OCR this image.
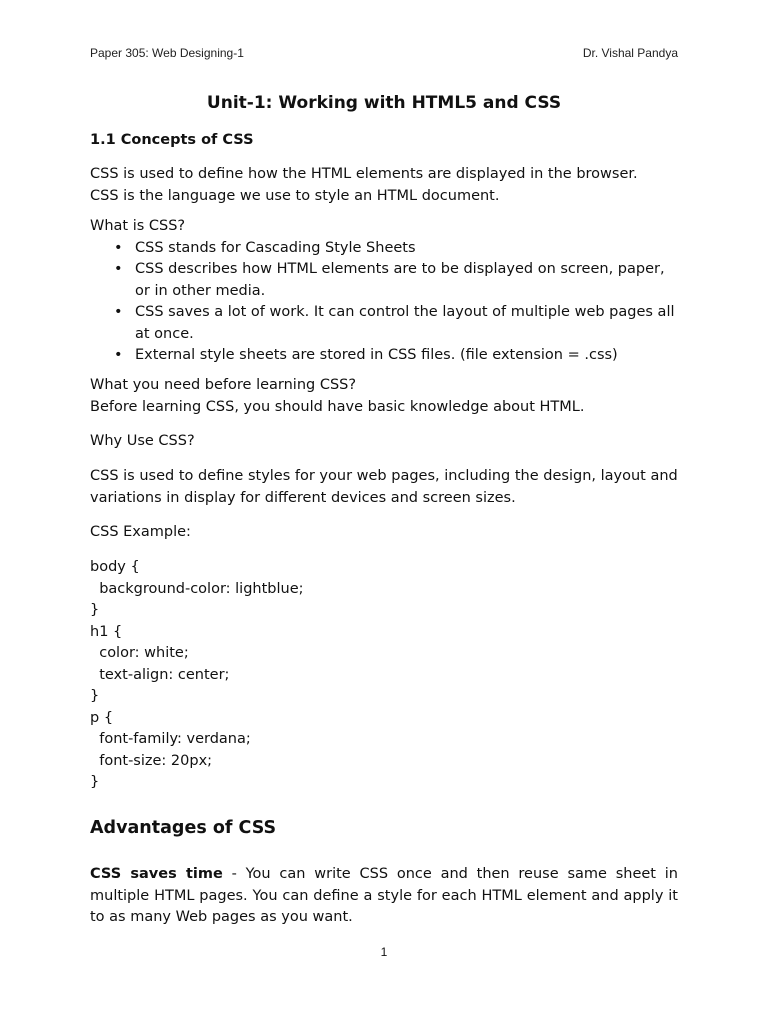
Paper 305: Web Designing-1	Dr. Vishal Pandya
Unit-1: Working with HTML5 and CSS
1.1 Concepts of CSS
CSS is used to define how the HTML elements are displayed in the browser.
CSS is the language we use to style an HTML document.
What is CSS?
• CSS stands for Cascading Style Sheets
• CSS describes how HTML elements are to be displayed on screen, paper, or in other media.
• CSS saves a lot of work. It can control the layout of multiple web pages all at once.
• External style sheets are stored in CSS files. (file extension = .css)
What you need before learning CSS?
Before learning CSS, you should have basic knowledge about HTML.
Why Use CSS?
CSS is used to define styles for your web pages, including the design, layout and variations in display for different devices and screen sizes.
CSS Example:
body {
background-color: lightblue;
}
h1 {
color: white;
text-align: center;
}
p {
font-family: verdana;
font-size: 20px;
}
Advantages of CSS
CSS saves time - You can write CSS once and then reuse same sheet in multiple HTML pages. You can define a style for each HTML element and apply it to as many Web pages as you want.
1
